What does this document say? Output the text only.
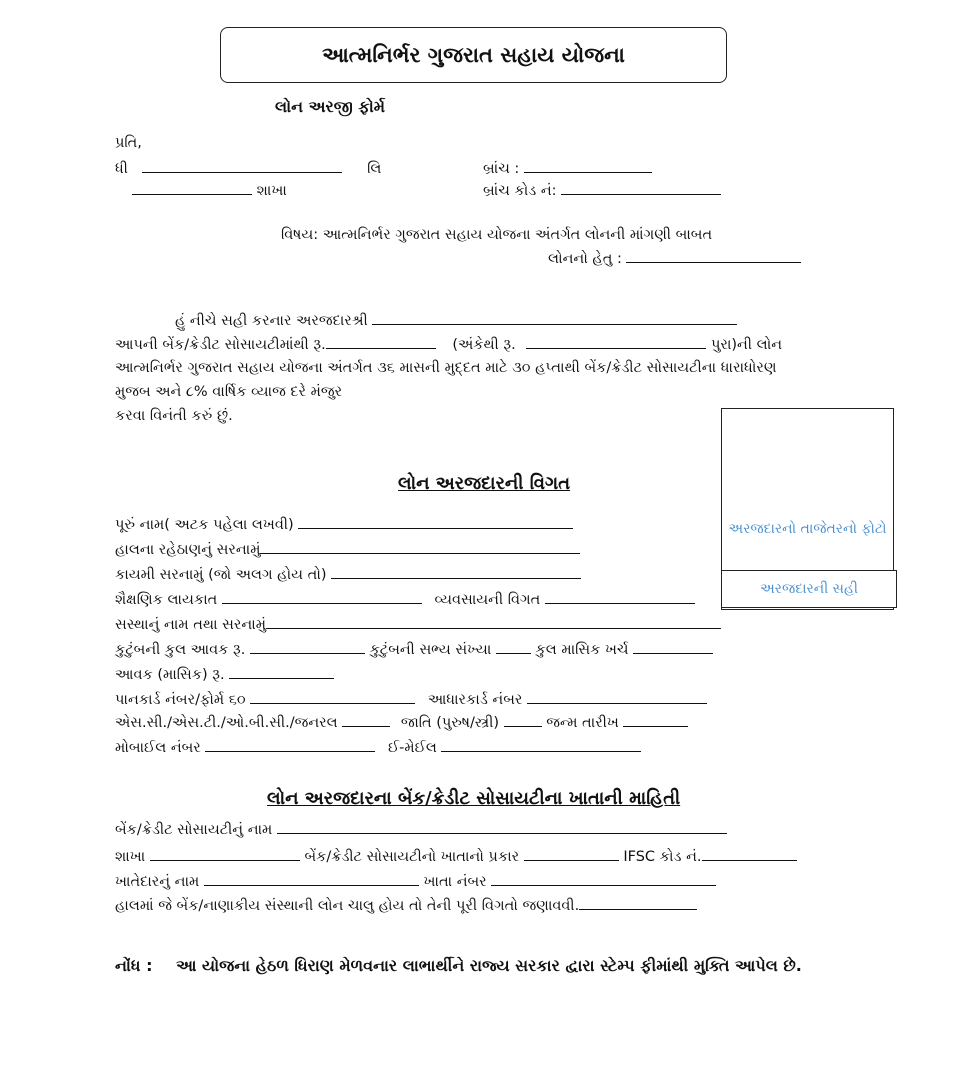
આત્મનિર્ભર ગુજરાત સહાય યોજના
લોન અરજી ફોર્મ
પ્રતિ,
ધી	લિ	બ્રાંચ :
શાખા	બ્રાંચ કોડ નં:
વિષય: આત્મનિર્ભર ગુજરાત સહાય યોજના અંતર્ગત લોનની માંગણી બાબત
લોનનો હેતુ :
હું નીચે સહી કરનાર અરજદારશ્રી
આપની બેંક/ક્રેડીટ સોસાયટીમાંથી રૂ.	(અંકેથી રૂ.	પુરા)ની લોન
આત્મનિર્ભર ગુજરાત સહાય યોજના અંતર્ગત ૩૬ માસની મુદ્દત માટે ૩૦ હપ્તાથી બેંક/ક્રેડીટ સોસાયટીના ધારાધોરણ
મુજબ અને ૮% વાર્ષિક વ્યાજ દરે મંજુર
કરવા વિનંતી કરું છું.
અરજદારનો તાજેતરનો ફોટો
અરજદારની સહી
લોન અરજદારની વિગત
પૂરું નામ( અટક પહેલા લખવી)
હાલના રહેઠાણનું સરનામું
કાયમી સરનામું (જો અલગ હોય તો)
શૈક્ષણિક લાયકાત	વ્યવસાયની વિગત
સસ્થાનું નામ તથા સરનામું
કુટુંબની કુલ આવક રૂ.	કુટુંબની સભ્ય સંખ્યા	કુલ માસિક ખર્ચ
આવક (માસિક) રૂ.
પાનકાર્ડ નંબર/ફોર્મ ૬૦	આધારકાર્ડ નંબર
એસ.સી./એસ.ટી./ઓ.બી.સી./જનરલ	જાતિ (પુરુષ/સ્ત્રી)	જન્મ તારીખ
મોબાઈલ નંબર	ઈ-મેઈલ
લોન અરજદારના બેંક/ક્રેડીટ સોસાયટીના ખાતાની માહિતી
બેંક/ક્રેડીટ સોસાયટીનું નામ
શાખા	બેંક/ક્રેડીટ સોસાયટીનો ખાતાનો પ્રકાર	IFSC કોડ નં.
ખાતેદારનું નામ	ખાતા નંબર
હાલમાં જે બેંક/નાણાકીય સંસ્થાની લોન ચાલુ હોય તો તેની પૂરી વિગતો જણાવવી.
નોંધ : આ યોજના હેઠળ ધિરાણ મેળવનાર લાભાર્થીને રાજ્ય સરકાર દ્વારા સ્ટેમ્પ ફીમાંથી મુક્તિ આપેલ છે.
